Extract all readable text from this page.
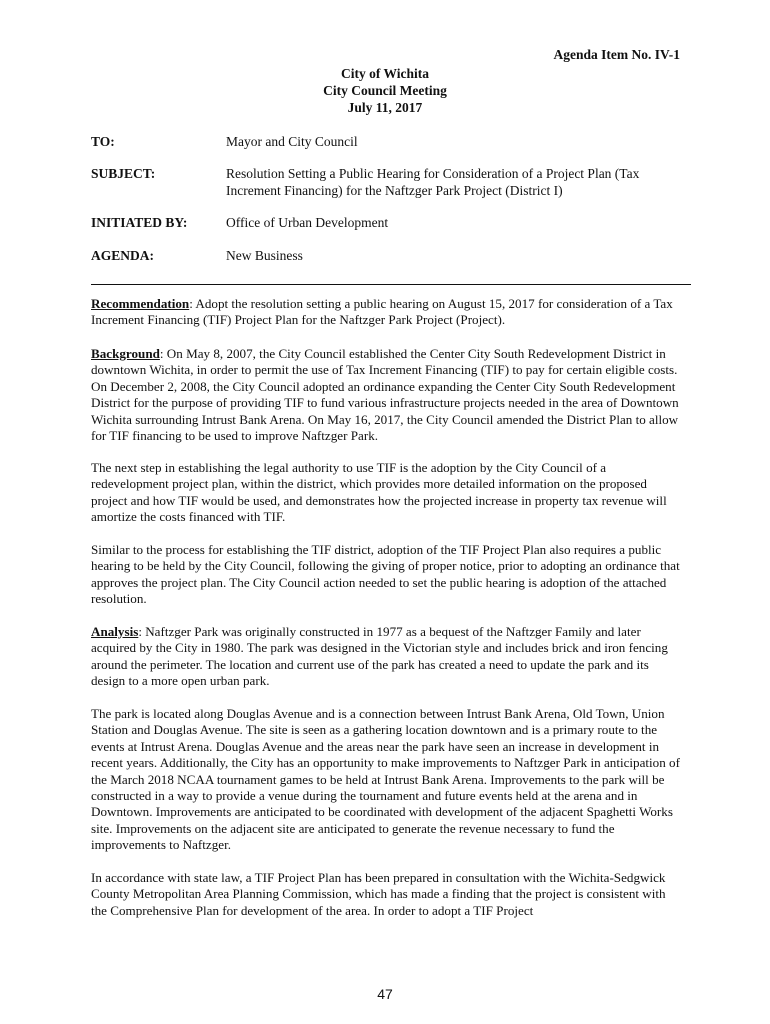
Agenda Item No. IV-1
City of Wichita
City Council Meeting
July 11, 2017
TO:	Mayor and City Council
SUBJECT:	Resolution Setting a Public Hearing for Consideration of a Project Plan (Tax Increment Financing) for the Naftzger Park Project (District I)
INITIATED BY:	Office of Urban Development
AGENDA:	New Business
Recommendation: Adopt the resolution setting a public hearing on August 15, 2017 for consideration of a Tax Increment Financing (TIF) Project Plan for the Naftzger Park Project (Project).
Background: On May 8, 2007, the City Council established the Center City South Redevelopment District in downtown Wichita, in order to permit the use of Tax Increment Financing (TIF) to pay for certain eligible costs. On December 2, 2008, the City Council adopted an ordinance expanding the Center City South Redevelopment District for the purpose of providing TIF to fund various infrastructure projects needed in the area of Downtown Wichita surrounding Intrust Bank Arena. On May 16, 2017, the City Council amended the District Plan to allow for TIF financing to be used to improve Naftzger Park.
The next step in establishing the legal authority to use TIF is the adoption by the City Council of a redevelopment project plan, within the district, which provides more detailed information on the proposed project and how TIF would be used, and demonstrates how the projected increase in property tax revenue will amortize the costs financed with TIF.
Similar to the process for establishing the TIF district, adoption of the TIF Project Plan also requires a public hearing to be held by the City Council, following the giving of proper notice, prior to adopting an ordinance that approves the project plan. The City Council action needed to set the public hearing is adoption of the attached resolution.
Analysis: Naftzger Park was originally constructed in 1977 as a bequest of the Naftzger Family and later acquired by the City in 1980. The park was designed in the Victorian style and includes brick and iron fencing around the perimeter. The location and current use of the park has created a need to update the park and its design to a more open urban park.
The park is located along Douglas Avenue and is a connection between Intrust Bank Arena, Old Town, Union Station and Douglas Avenue. The site is seen as a gathering location downtown and is a primary route to the events at Intrust Arena. Douglas Avenue and the areas near the park have seen an increase in development in recent years. Additionally, the City has an opportunity to make improvements to Naftzger Park in anticipation of the March 2018 NCAA tournament games to be held at Intrust Bank Arena. Improvements to the park will be constructed in a way to provide a venue during the tournament and future events held at the arena and in Downtown. Improvements are anticipated to be coordinated with development of the adjacent Spaghetti Works site. Improvements on the adjacent site are anticipated to generate the revenue necessary to fund the improvements to Naftzger.
In accordance with state law, a TIF Project Plan has been prepared in consultation with the Wichita-Sedgwick County Metropolitan Area Planning Commission, which has made a finding that the project is consistent with the Comprehensive Plan for development of the area. In order to adopt a TIF Project
47
